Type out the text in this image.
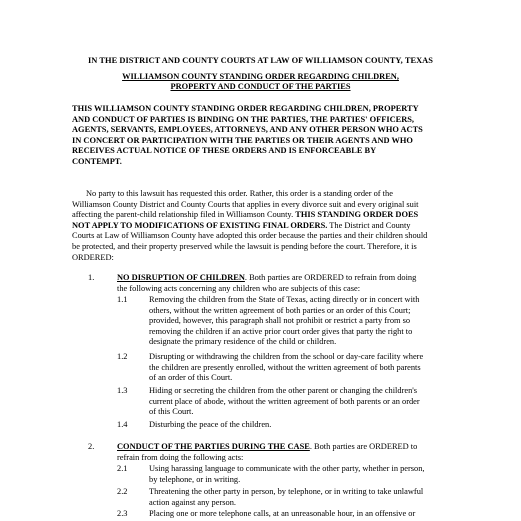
IN THE DISTRICT AND COUNTY COURTS AT LAW OF WILLIAMSON COUNTY, TEXAS
WILLIAMSON COUNTY STANDING ORDER REGARDING CHILDREN,
PROPERTY AND CONDUCT OF THE PARTIES
THIS WILLIAMSON COUNTY STANDING ORDER REGARDING CHILDREN, PROPERTY
AND CONDUCT OF PARTIES IS BINDING ON THE PARTIES, THE PARTIES' OFFICERS,
AGENTS, SERVANTS, EMPLOYEES, ATTORNEYS, AND ANY OTHER PERSON WHO ACTS
IN CONCERT OR PARTICIPATION WITH THE PARTIES OR THEIR AGENTS AND WHO
RECEIVES ACTUAL NOTICE OF THESE ORDERS AND IS ENFORCEABLE BY
CONTEMPT.
No party to this lawsuit has requested this order. Rather, this order is a standing order of the
Williamson County District and County Courts that applies in every divorce suit and every original suit
affecting the parent-child relationship filed in Williamson County. THIS STANDING ORDER DOES
NOT APPLY TO MODIFICATIONS OF EXISTING FINAL ORDERS. The District and County
Courts at Law of Williamson County have adopted this order because the parties and their children should
be protected, and their property preserved while the lawsuit is pending before the court. Therefore, it is
ORDERED:
1.	NO DISRUPTION OF CHILDREN. Both parties are ORDERED to refrain from doing
the following acts concerning any children who are subjects of this case:
1.1	Removing the children from the State of Texas, acting directly or in concert with
others, without the written agreement of both parties or an order of this Court;
provided, however, this paragraph shall not prohibit or restrict a party from so
removing the children if an active prior court order gives that party the right to
designate the primary residence of the child or children.
1.2	Disrupting or withdrawing the children from the school or day-care facility where
the children are presently enrolled, without the written agreement of both parents
of an order of this Court.
1.3	Hiding or secreting the children from the other parent or changing the children's
current place of abode, without the written agreement of both parents or an order
of this Court.
1.4	Disturbing the peace of the children.
2.	CONDUCT OF THE PARTIES DURING THE CASE. Both parties are ORDERED to
refrain from doing the following acts:
2.1	Using harassing language to communicate with the other party, whether in person,
by telephone, or in writing.
2.2	Threatening the other party in person, by telephone, or in writing to take unlawful
action against any person.
2.3	Placing one or more telephone calls, at an unreasonable hour, in an offensive or
